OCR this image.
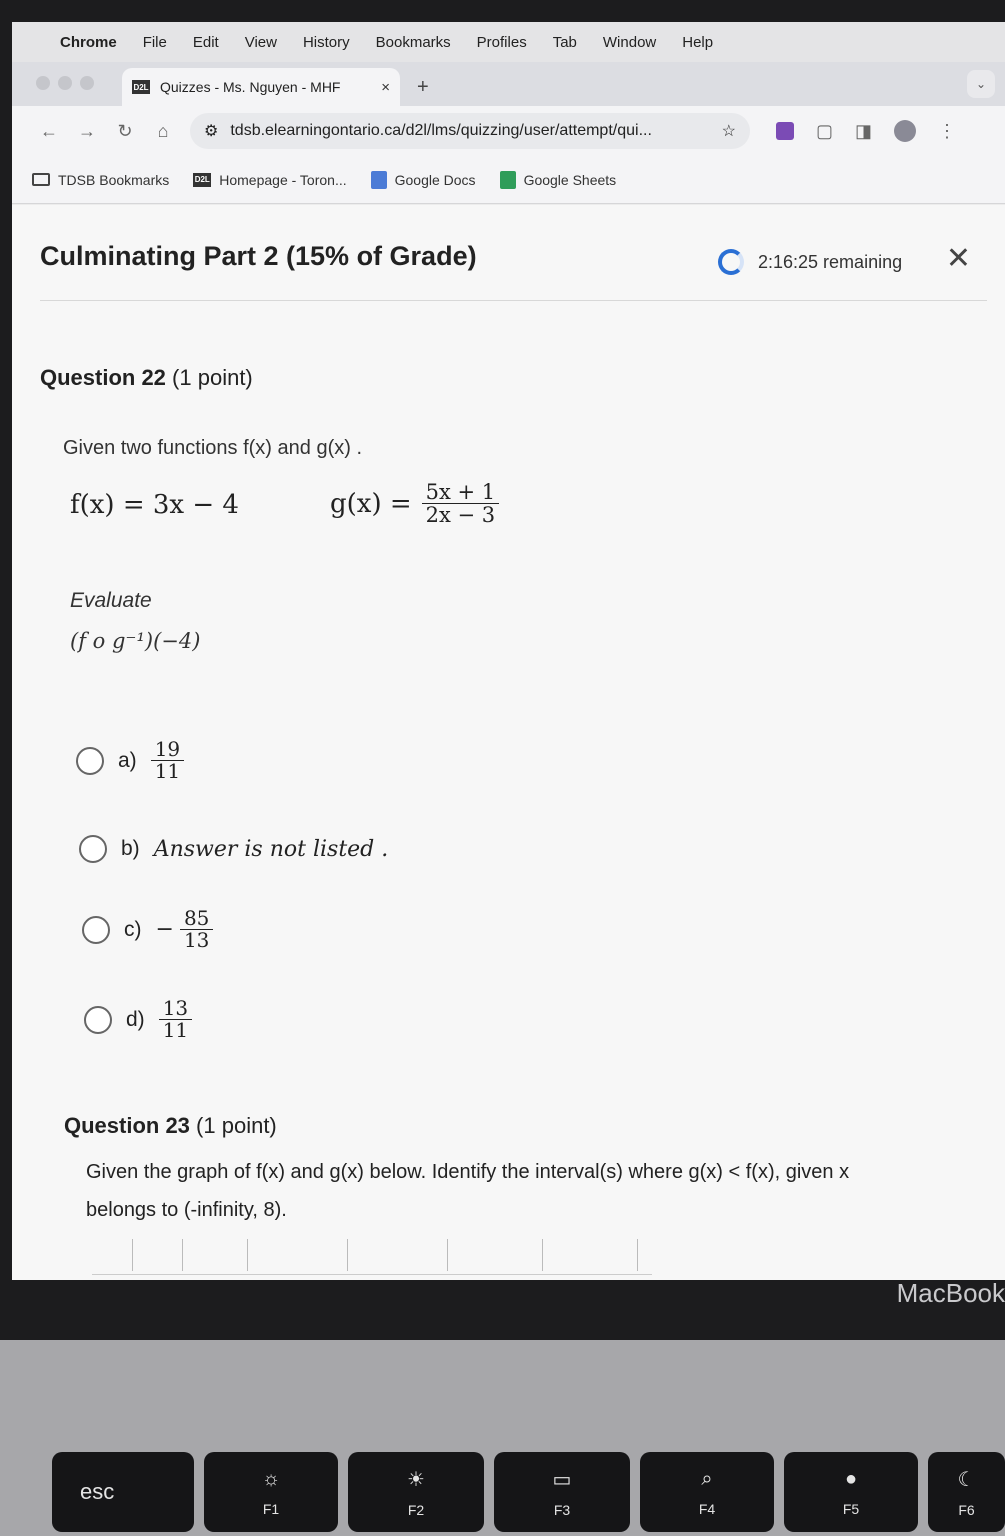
Chrome File Edit View History Bookmarks Profiles Tab Window Help
D2L Quizzes - Ms. Nguyen - MHF	× +	⌄
←	→	↻	⌂	⚙ tdsb.elearningontario.ca/d2l/lms/quizzing/user/attempt/qui...	☆	▢ ◨	⋮
TDSB Bookmarks	D2L Homepage - Toron...	Google Docs	Google Sheets
Culminating Part 2 (15% of Grade)	2:16:25 remaining ✕
Question 22 (1 point)
Given two functions f(x) and g(x) .
f(x) = 3x − 4	$g(x) = \frac{5x + 1}{2x - 3}$
Evaluate
(f o g⁻¹)(−4)
$a) \frac{19}{11}$
b) Answer is not listed .
$c) - \frac{85}{13}$
$d) \frac{13}{11}$
Question 23 (1 point)
Given the graph of f(x) and g(x) below. Identify the interval(s) where g(x) < f(x), given x belongs to (-infinity, 8).
MacBook
esc
☼
F1
☀
F2
▭
F3
⌕
F4
●
F5
☾
F6
